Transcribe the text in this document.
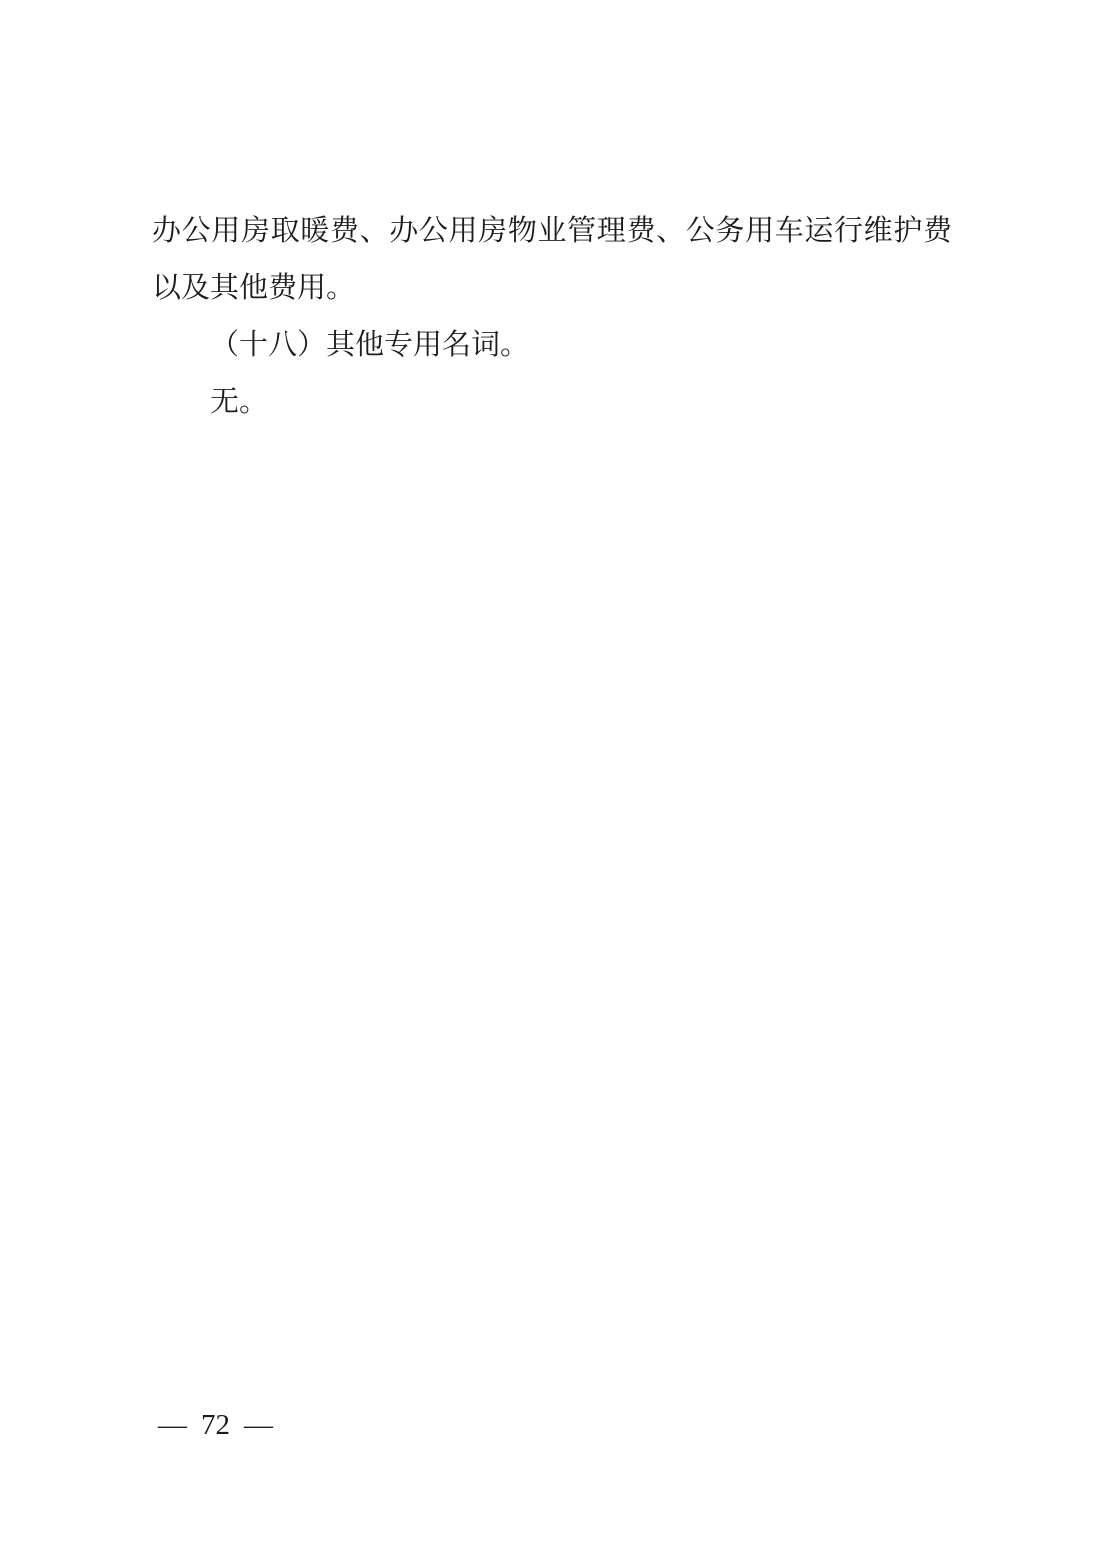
办公用房取暖费、办公用房物业管理费、公务用车运行维护费以及其他费用。

（十八）其他专用名词。

无。

— 72 —
